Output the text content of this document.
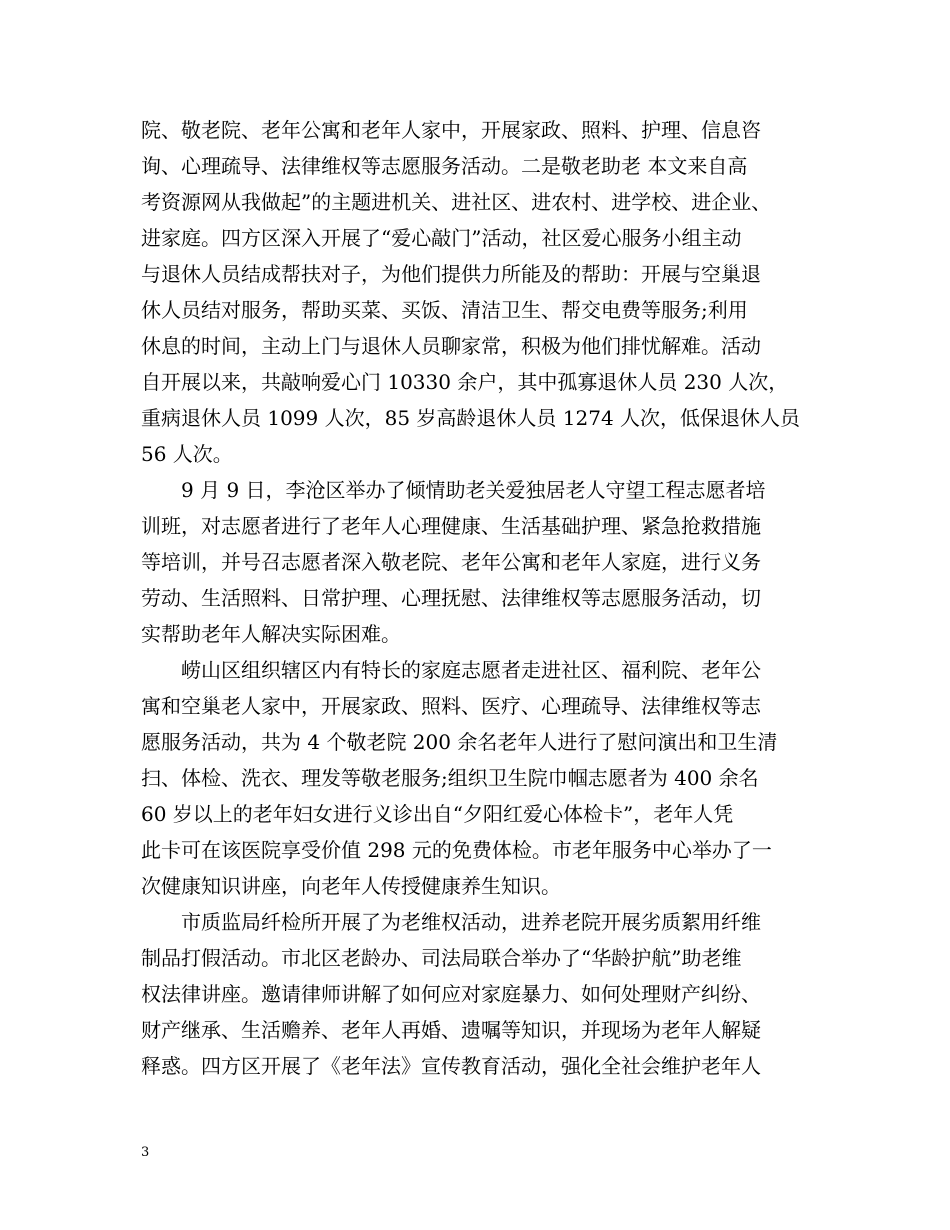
院、敬老院、老年公寓和老年人家中，开展家政、照料、护理、信息咨
询、心理疏导、法律维权等志愿服务活动。二是敬老助老 本文来自高
考资源网从我做起”的主题进机关、进社区、进农村、进学校、进企业、
进家庭。四方区深入开展了“爱心敲门”活动，社区爱心服务小组主动
与退休人员结成帮扶对子，为他们提供力所能及的帮助：开展与空巢退
休人员结对服务，帮助买菜、买饭、清洁卫生、帮交电费等服务;利用
休息的时间，主动上门与退休人员聊家常，积极为他们排忧解难。活动
自开展以来，共敲响爱心门 10330 余户，其中孤寡退休人员 230 人次，
重病退休人员 1099 人次，85 岁高龄退休人员 1274 人次，低保退休人员
56 人次。
9 月 9 日，李沧区举办了倾情助老关爱独居老人守望工程志愿者培
训班，对志愿者进行了老年人心理健康、生活基础护理、紧急抢救措施
等培训，并号召志愿者深入敬老院、老年公寓和老年人家庭，进行义务
劳动、生活照料、日常护理、心理抚慰、法律维权等志愿服务活动，切
实帮助老年人解决实际困难。
崂山区组织辖区内有特长的家庭志愿者走进社区、福利院、老年公
寓和空巢老人家中，开展家政、照料、医疗、心理疏导、法律维权等志
愿服务活动，共为 4 个敬老院 200 余名老年人进行了慰问演出和卫生清
扫、体检、洗衣、理发等敬老服务;组织卫生院巾帼志愿者为 400 余名
60 岁以上的老年妇女进行义诊出自“夕阳红爱心体检卡”，老年人凭
此卡可在该医院享受价值 298 元的免费体检。市老年服务中心举办了一
次健康知识讲座，向老年人传授健康养生知识。
市质监局纤检所开展了为老维权活动，进养老院开展劣质絮用纤维
制品打假活动。市北区老龄办、司法局联合举办了“华龄护航”助老维
权法律讲座。邀请律师讲解了如何应对家庭暴力、如何处理财产纠纷、
财产继承、生活赡养、老年人再婚、遗嘱等知识，并现场为老年人解疑
释惑。四方区开展了《老年法》宣传教育活动，强化全社会维护老年人
3
